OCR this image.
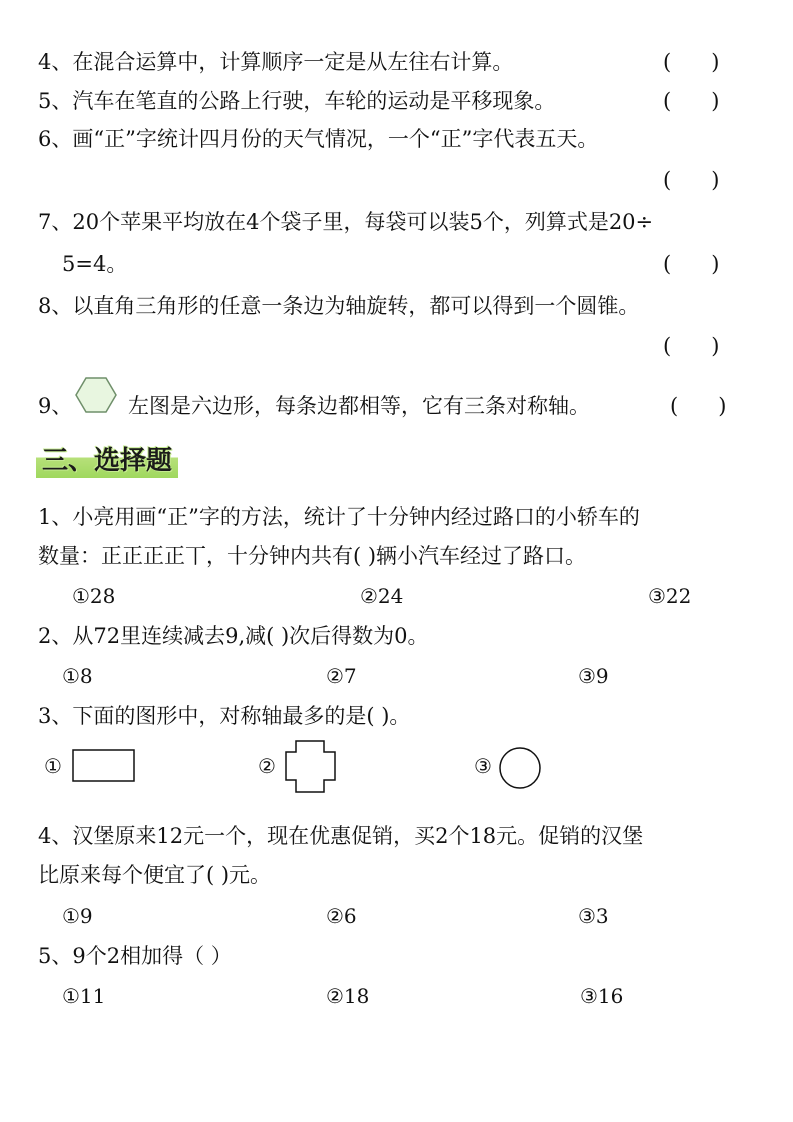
4、在混合运算中，计算顺序一定是从左往右计算。	(      )
5、汽车在笔直的公路上行驶，车轮的运动是平移现象。	(      )
6、画“正”字统计四月份的天气情况，一个“正”字代表五天。
(      )
7、20个苹果平均放在4个袋子里，每袋可以装5个，列算式是20÷
5=4。	(      )
8、以直角三角形的任意一条边为轴旋转，都可以得到一个圆锥。
(      )
9、	左图是六边形，每条边都相等，它有三条对称轴。	(      )
三、选择题
1、小亮用画“正”字的方法，统计了十分钟内经过路口的小轿车的
数量：正正正正丅，十分钟内共有( )辆小汽车经过了路口。
①28	②24	③22
2、从72里连续减去9,减( )次后得数为0。
①8	②7	③9
3、下面的图形中，对称轴最多的是( )。
①	②	③
4、汉堡原来12元一个，现在优惠促销，买2个18元。促销的汉堡
比原来每个便宜了( )元。
①9	②6	③3
5、9个2相加得（ ）
①11	②18	③16
